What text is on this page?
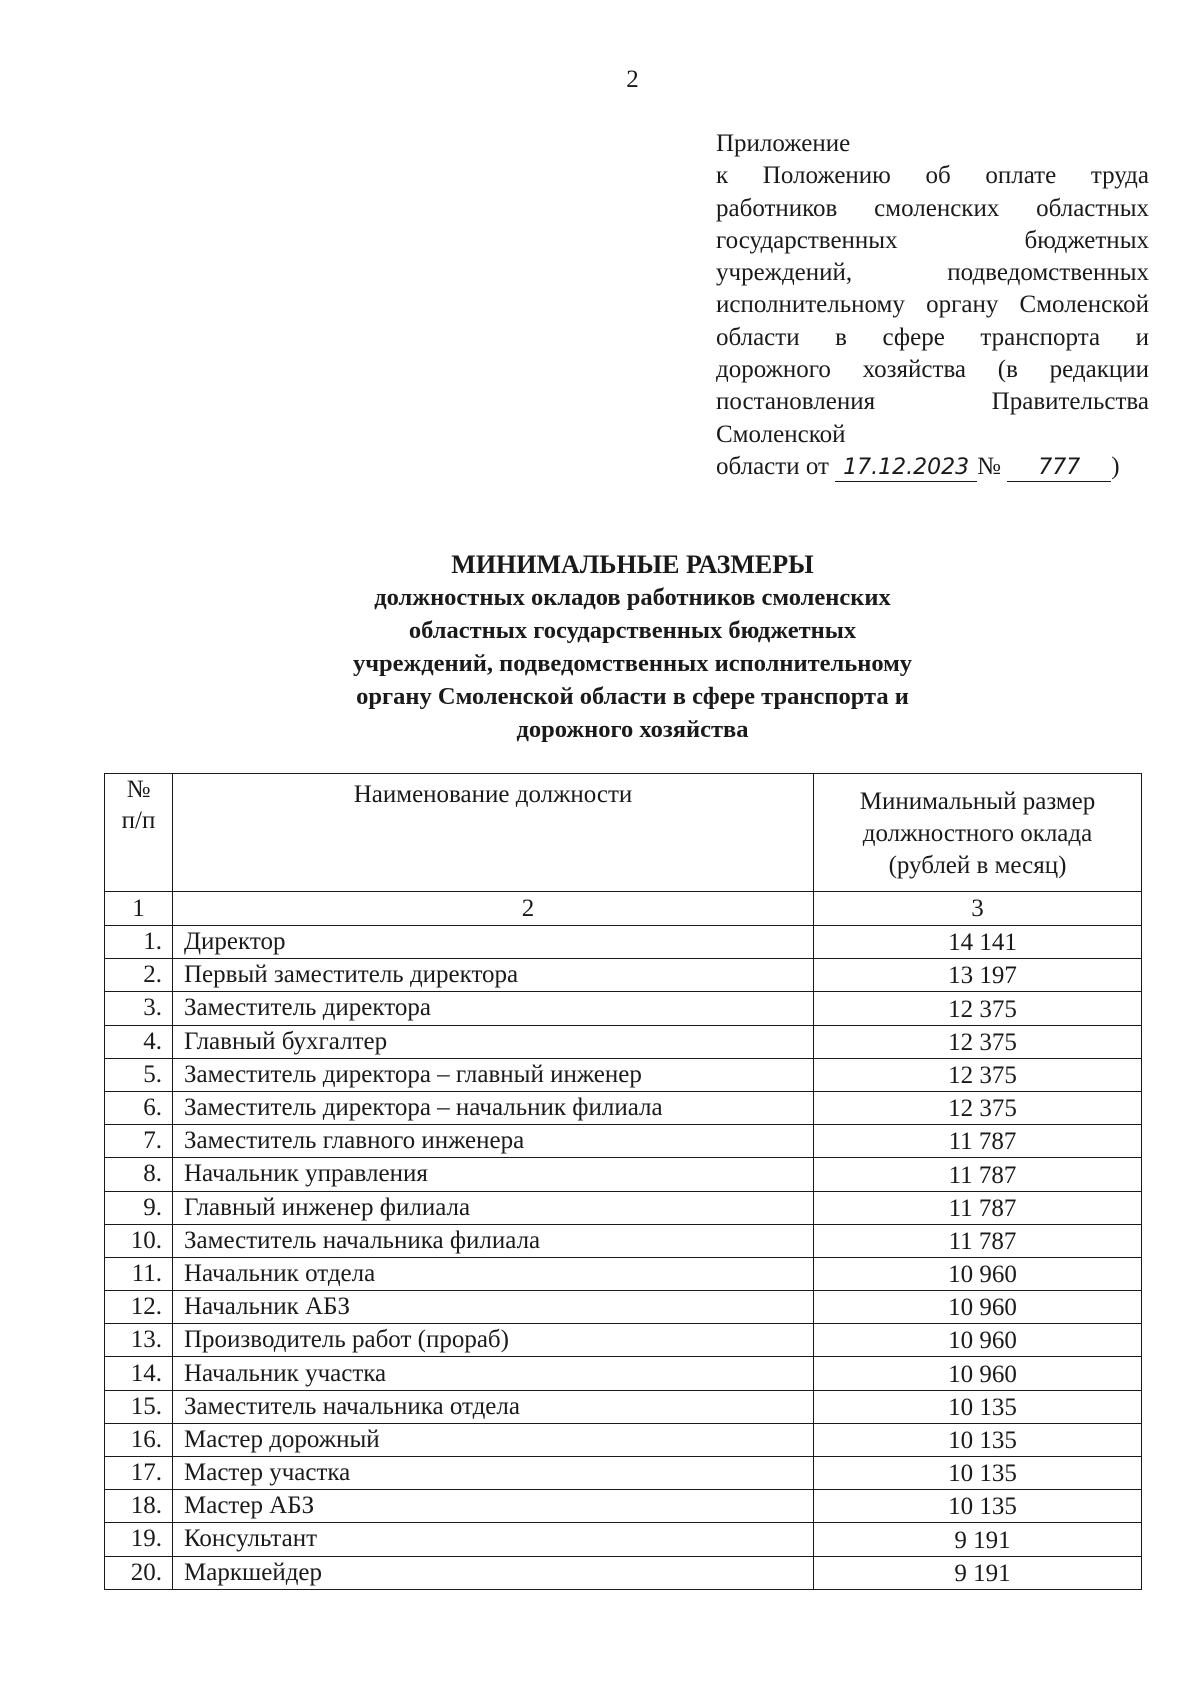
2
Приложение
к Положению об оплате труда работников смоленских областных государственных бюджетных учреждений, подведомственных исполнительному органу Смоленской области в сфере транспорта и дорожного хозяйства (в редакции постановления Правительства Смоленской
области от 17.12.2023 № 777 )
МИНИМАЛЬНЫЕ РАЗМЕРЫ
должностных окладов работников смоленских
областных государственных бюджетных
учреждений, подведомственных исполнительному
органу Смоленской области в сфере транспорта и
дорожного хозяйства
№
п/п	Наименование должности	Минимальный размер
должностного оклада
(рублей в месяц)
1	2	3
1.	Директор	14 141
2.	Первый заместитель директора	13 197
3.	Заместитель директора	12 375
4.	Главный бухгалтер	12 375
5.	Заместитель директора – главный инженер	12 375
6.	Заместитель директора – начальник филиала	12 375
7.	Заместитель главного инженера	11 787
8.	Начальник управления	11 787
9.	Главный инженер филиала	11 787
10.	Заместитель начальника филиала	11 787
11.	Начальник отдела	10 960
12.	Начальник АБЗ	10 960
13.	Производитель работ (прораб)	10 960
14.	Начальник участка	10 960
15.	Заместитель начальника отдела	10 135
16.	Мастер дорожный	10 135
17.	Мастер участка	10 135
18.	Мастер АБЗ	10 135
19.	Консультант	9 191
20.	Маркшейдер	9 191
